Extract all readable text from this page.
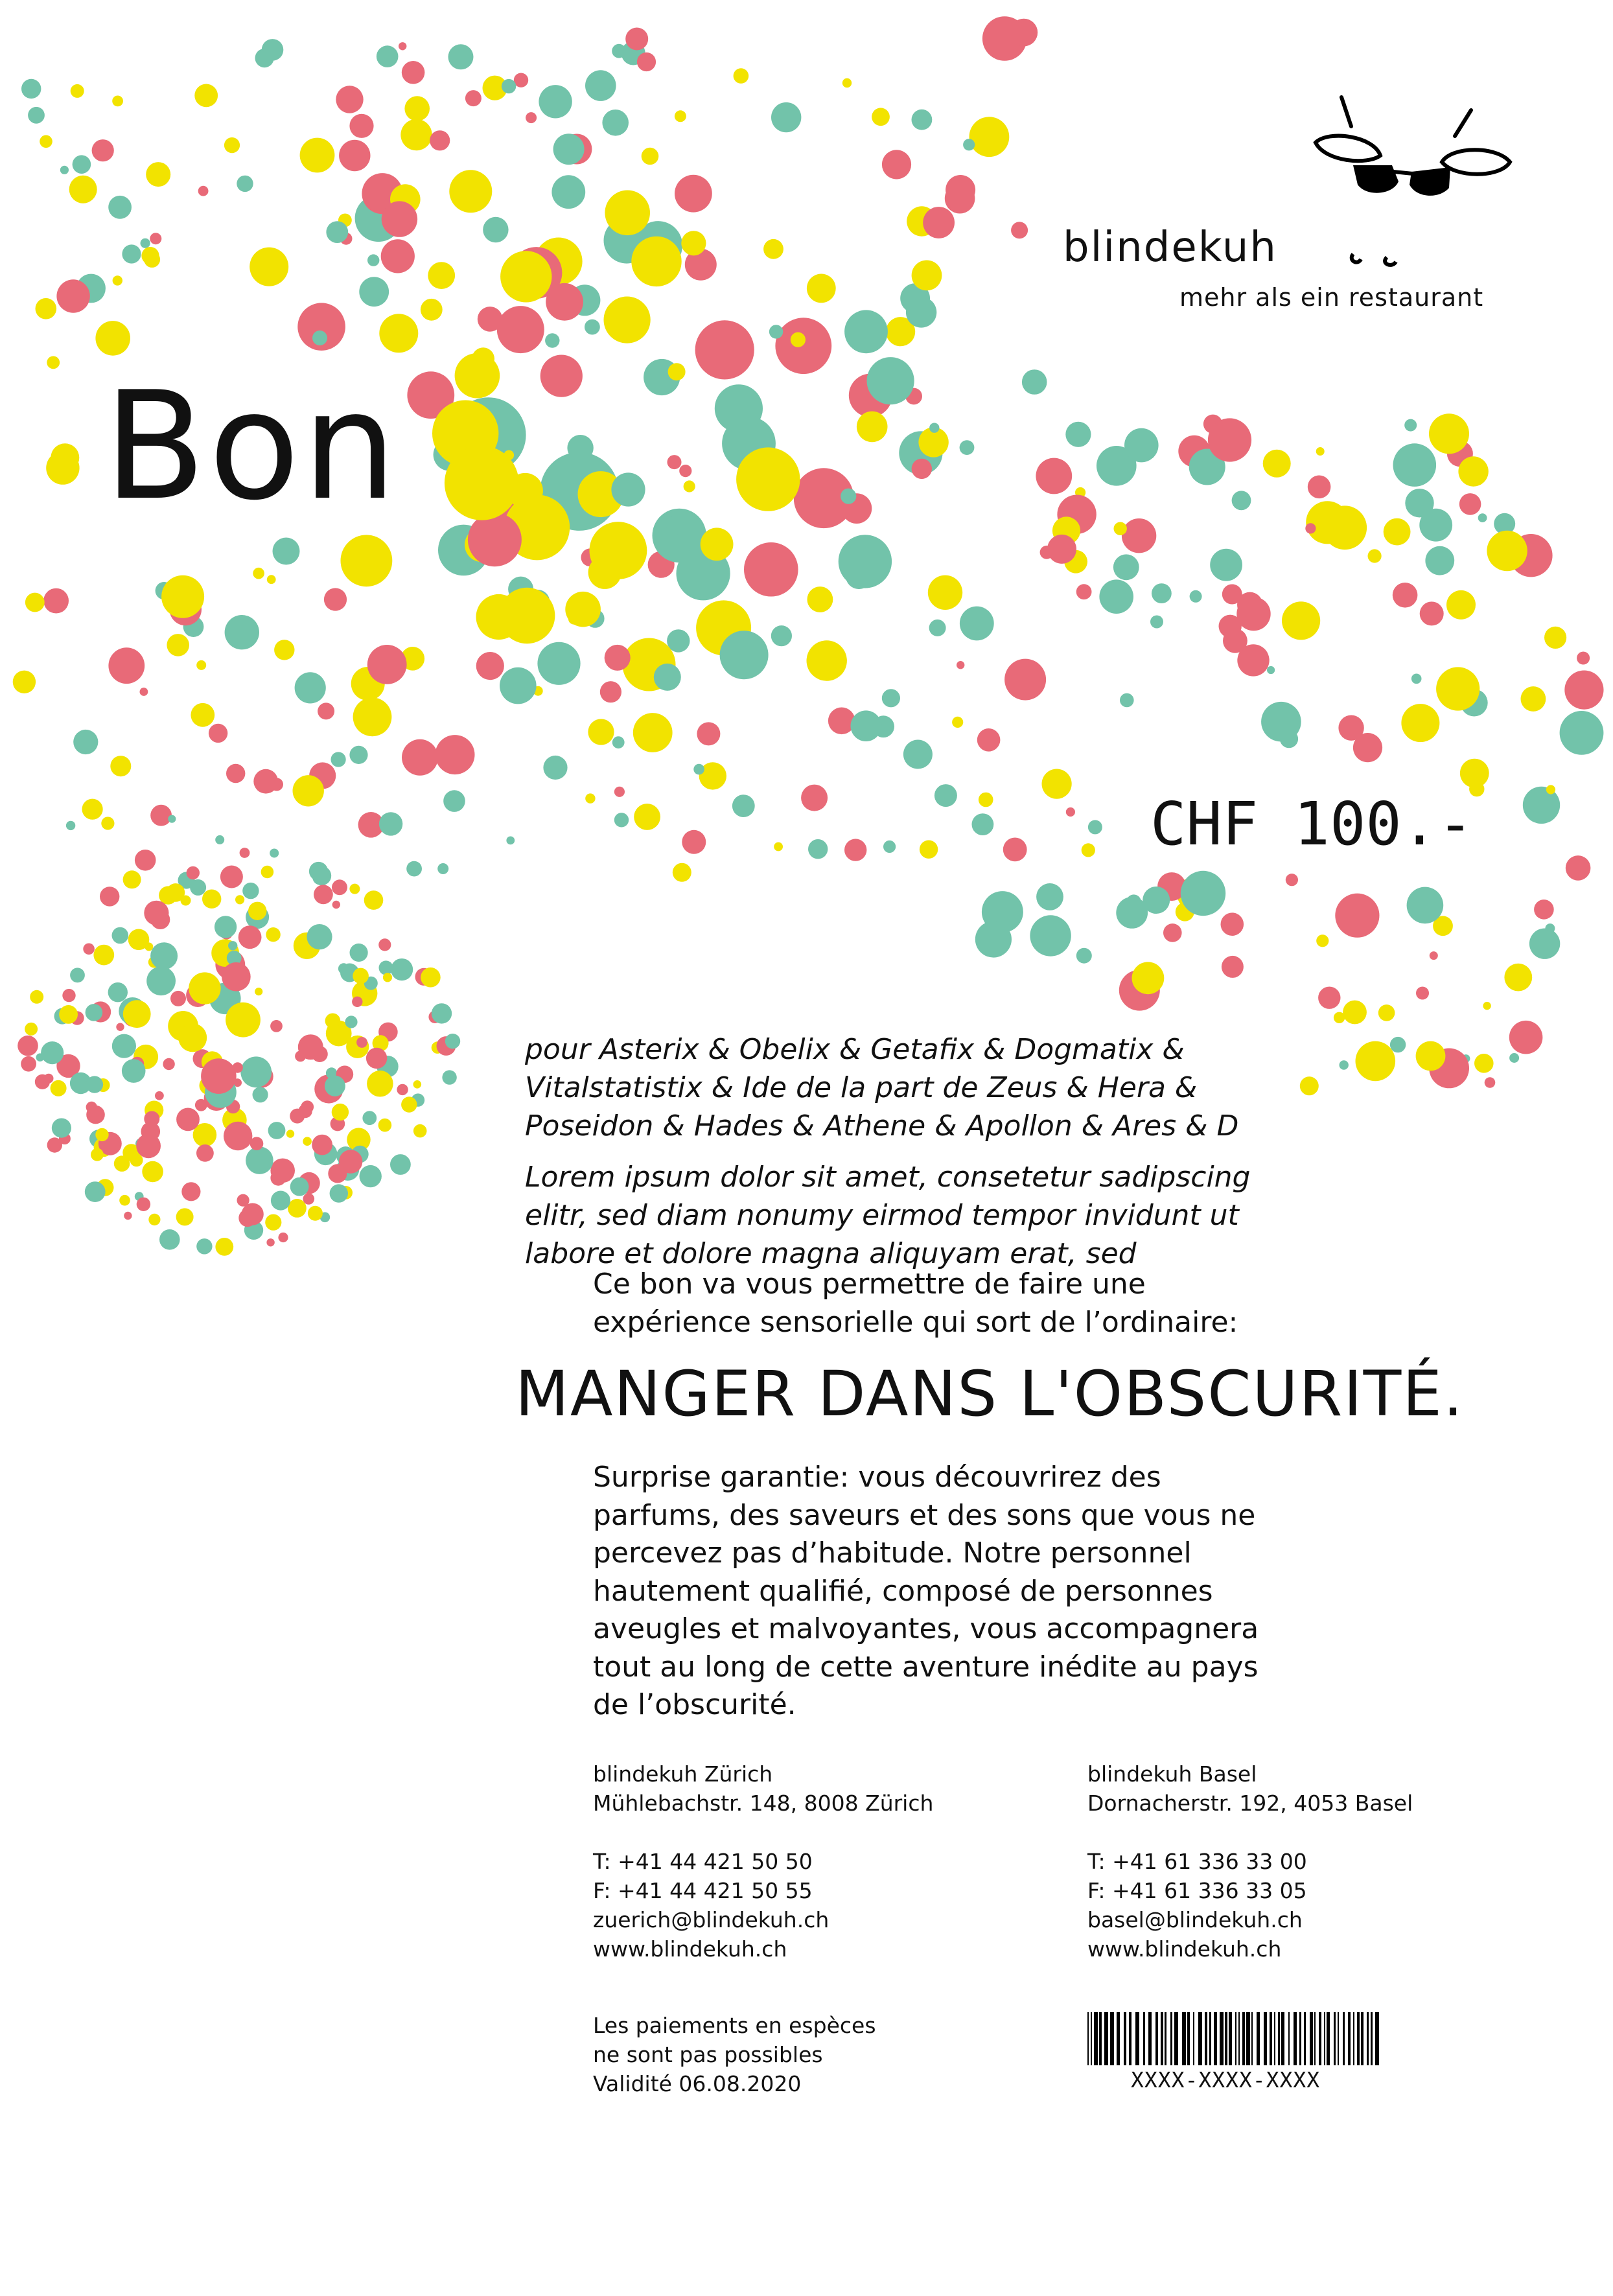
blindekuh
mehr als ein restaurant
Bon
CHF 100.-
pour Asterix & Obelix & Getafix & Dogmatix &
Vitalstatistix & Ide de la part de Zeus & Hera &
Poseidon & Hades & Athene & Apollon & Ares & D
Lorem ipsum dolor sit amet, consetetur sadipscing
elitr, sed diam nonumy eirmod tempor invidunt ut
labore et dolore magna aliquyam erat, sed
Ce bon va vous permettre de faire une
expérience sensorielle qui sort de l’ordinaire:
MANGER DANS L'OBSCURITÉ.
Surprise garantie: vous découvrirez des
parfums, des saveurs et des sons que vous ne
percevez pas d’habitude. Notre personnel
hautement qualifié, composé de personnes
aveugles et malvoyantes, vous accompagnera
tout au long de cette aventure inédite au pays
de l’obscurité.
blindekuh Zürich
Mühlebachstr. 148, 8008 Zürich
T: +41 44 421 50 50
F: +41 44 421 50 55
zuerich@blindekuh.ch
www.blindekuh.ch
blindekuh Basel
Dornacherstr. 192, 4053 Basel
T: +41 61 336 33 00
F: +41 61 336 33 05
basel@blindekuh.ch
www.blindekuh.ch
Les paiements en espèces
ne sont pas possibles
Validité 06.08.2020	XXXX-XXXX-XXXX
